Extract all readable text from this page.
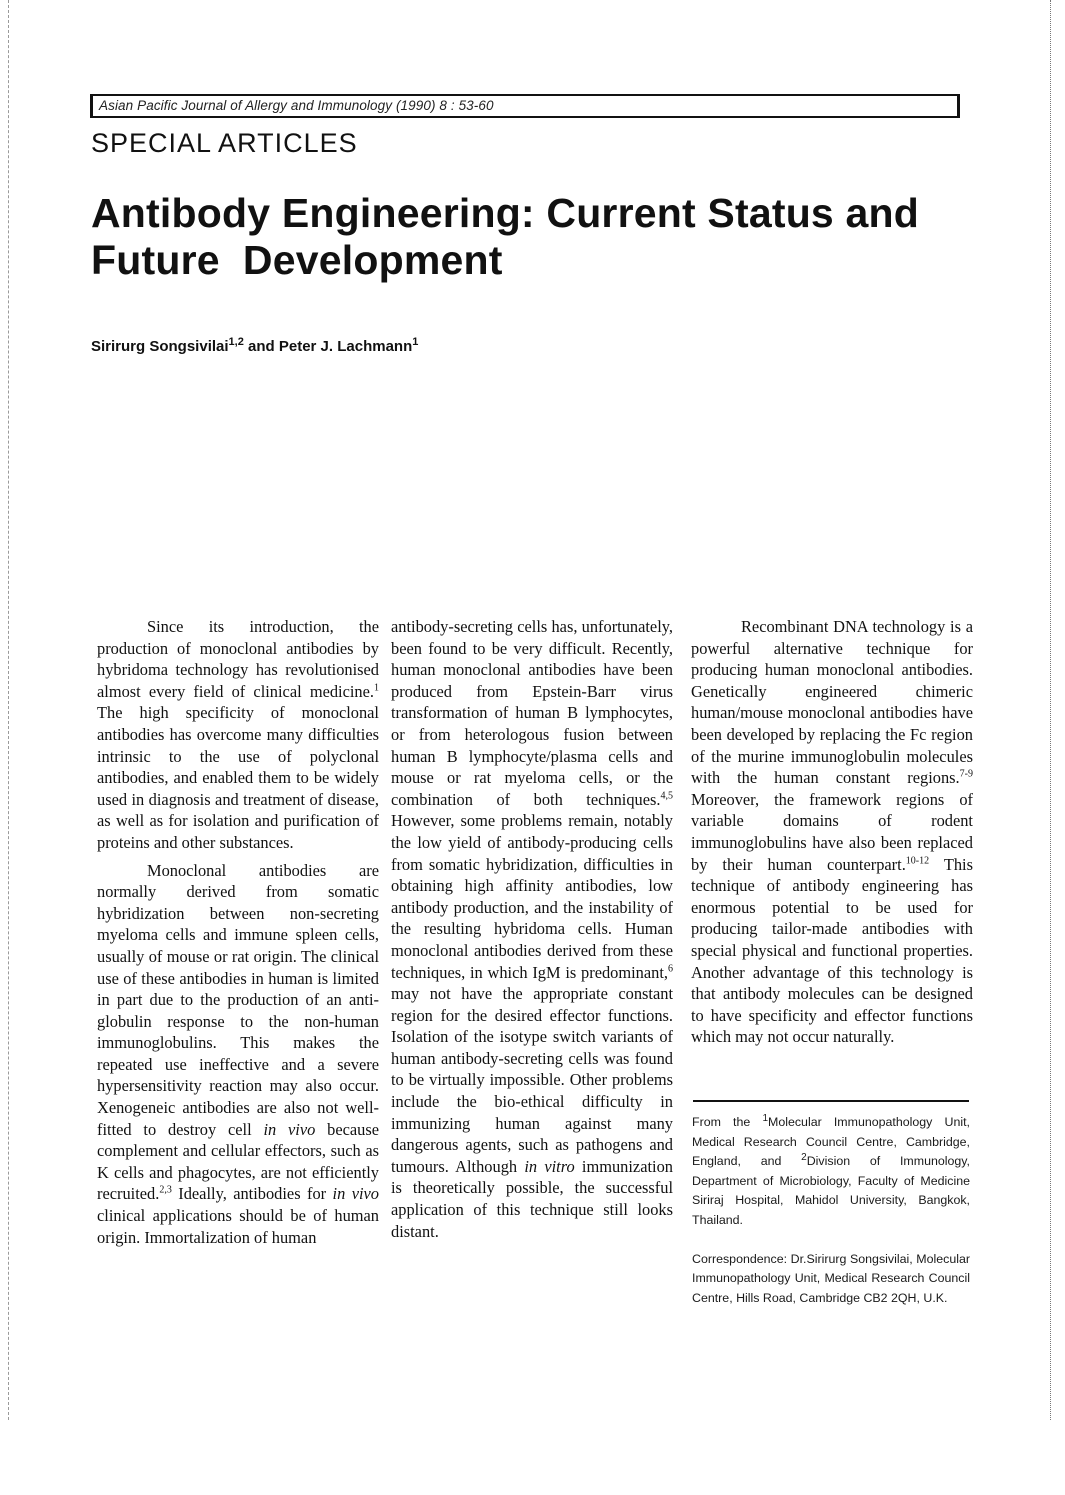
Asian Pacific Journal of Allergy and Immunology (1990) 8 : 53-60
SPECIAL ARTICLES
Antibody Engineering: Current Status and
Future  Development
Sirirurg Songsivilai$^{1,2}$ and Peter J. Lachmann$^1$

Since its introduction, the production of monoclonal antibodies by hybridoma technology has revolutionised almost every field of clinical medicine.$^1$ The high specificity of monoclonal antibodies has overcome many difficulties intrinsic to the use of polyclonal antibodies, and enabled them to be widely used in diagnosis and treatment of disease, as well as for isolation and purification of proteins and other substances.

Monoclonal antibodies are normally derived from somatic hybridization between non-secreting myeloma cells and immune spleen cells, usually of mouse or rat origin. The clinical use of these antibodies in human is limited in part due to the production of an anti-globulin response to the non-human immunoglobulins. This makes the repeated use ineffective and a severe hypersensitivity reaction may also occur. Xenogeneic antibodies are also not well-fitted to destroy cell in vivo because complement and cellular effectors, such as K cells and phagocytes, are not efficiently recruited.$^{2,3}$ Ideally, antibodies for in vivo clinical applications should be of human origin. Immortalization of human

antibody-secreting cells has, unfortunately, been found to be very difficult. Recently, human monoclonal antibodies have been produced from Epstein-Barr virus transformation of human B lymphocytes, or from heterologous fusion between human B lymphocyte/plasma cells and mouse or rat myeloma cells, or the combination of both techniques.$^{4,5}$ However, some problems remain, notably the low yield of antibody-producing cells from somatic hybridization, difficulties in obtaining high affinity antibodies, low antibody production, and the instability of the resulting hybridoma cells. Human monoclonal antibodies derived from these techniques, in which IgM is predominant,$^6$ may not have the appropriate constant region for the desired effector functions. Isolation of the isotype switch variants of human antibody-secreting cells was found to be virtually impossible. Other problems include the bio-ethical difficulty in immunizing human against many dangerous agents, such as pathogens and tumours. Although in vitro immunization is theoretically possible, the successful application of this technique still looks distant.

Recombinant DNA technology is a powerful alternative technique for producing human monoclonal antibodies. Genetically engineered chimeric human/mouse monoclonal antibodies have been developed by replacing the Fc region of the murine immunoglobulin molecules with the human constant regions.$^{7-9}$ Moreover, the framework regions of variable domains of rodent immunoglobulins have also been replaced by their human counterpart.$^{10-12}$ This technique of antibody engineering has enormous potential to be used for producing tailor-made antibodies with special physical and functional properties. Another advantage of this technology is that antibody molecules can be designed to have specificity and effector functions which may not occur naturally.

From the $^1$Molecular Immunopathology Unit, Medical Research Council Centre, Cambridge, England, and $^2$Division of Immunology, Department of Microbiology, Faculty of Medicine Siriraj Hospital, Mahidol University, Bangkok, Thailand.

Correspondence: Dr.Sirirurg Songsivilai, Molecular Immunopathology Unit, Medical Research Council Centre, Hills Road, Cambridge CB2 2QH, U.K.
